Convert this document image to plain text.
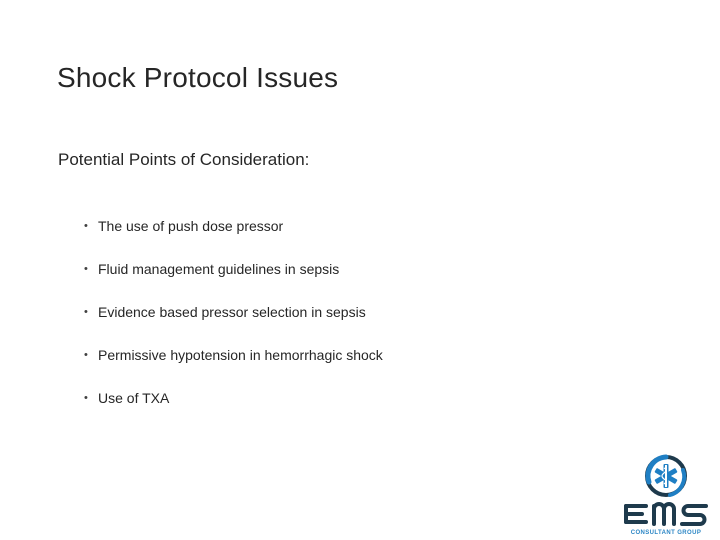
Shock Protocol Issues

Potential Points of Consideration:

• The use of push dose pressor
• Fluid management guidelines in sepsis
• Evidence based pressor selection in sepsis
• Permissive hypotension in hemorrhagic shock
• Use of TXA
CONSULTANT GROUP
